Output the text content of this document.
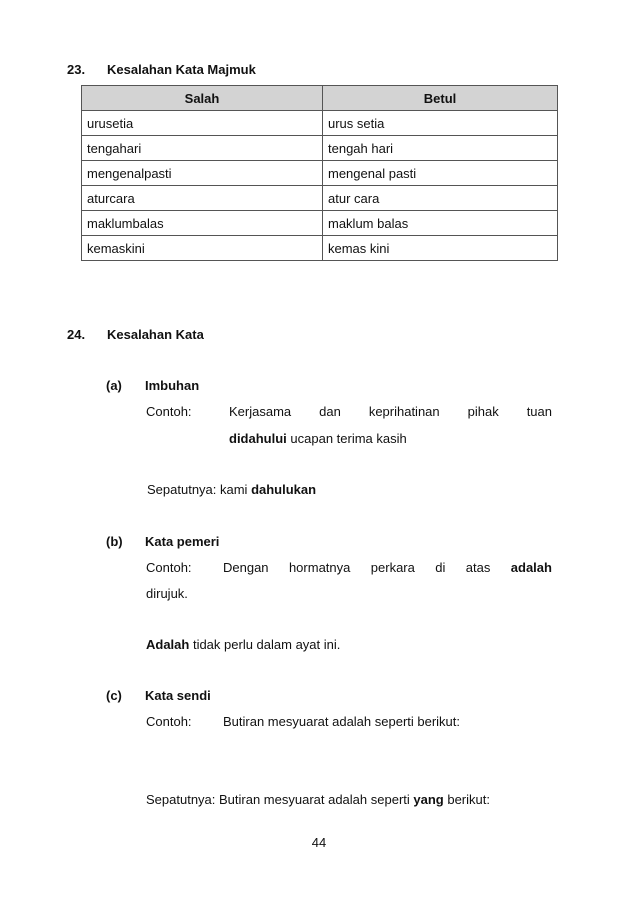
23. Kesalahan Kata Majmuk
Salah	Betul
urusetia	urus setia
tengahari	tengah hari
mengenalpasti	mengenal pasti
aturcara	atur cara
maklumbalas	maklum balas
kemaskini	kemas kini
24. Kesalahan Kata
(a) Imbuhan
Contoh:	Kerjasama dan keprihatinan pihak tuan
didahului ucapan terima kasih
Sepatutnya: kami dahulukan
(b) Kata pemeri
Contoh: Dengan hormatnya perkara di atas adalah
dirujuk.
Adalah tidak perlu dalam ayat ini.
(c) Kata sendi
Contoh: Butiran mesyuarat adalah seperti berikut:
Sepatutnya: Butiran mesyuarat adalah seperti yang berikut:
44
